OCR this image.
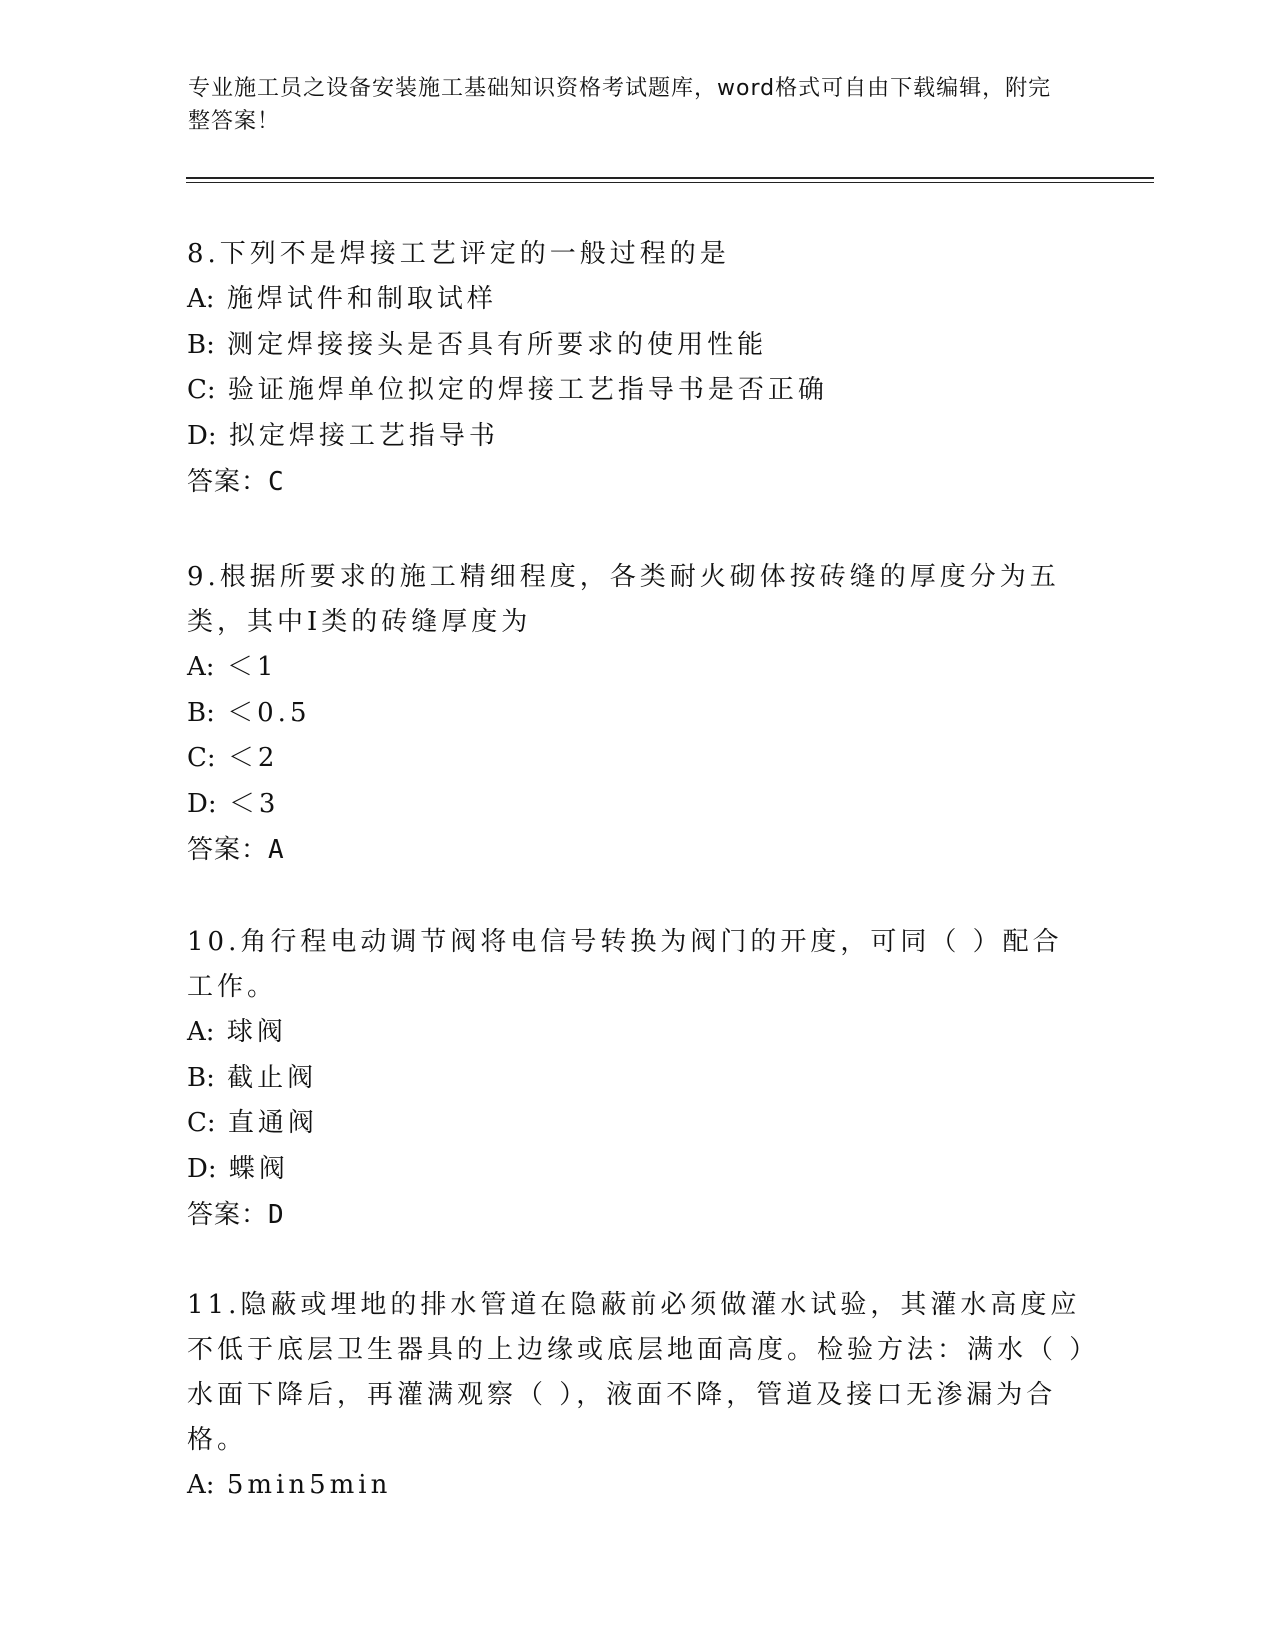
专业施工员之设备安装施工基础知识资格考试题库，word格式可自由下载编辑，附完整答案！

8.下列不是焊接工艺评定的一般过程的是

A: 施焊试件和制取试样

B: 测定焊接接头是否具有所要求的使用性能

C: 验证施焊单位拟定的焊接工艺指导书是否正确

D: 拟定焊接工艺指导书

答案：C

9.根据所要求的施工精细程度，各类耐火砌体按砖缝的厚度分为五类，其中Ⅰ类的砖缝厚度为

A: ＜1

B: ＜0.5

C: ＜2

D: ＜3

答案：A

10.角行程电动调节阀将电信号转换为阀门的开度，可同（ ）配合工作。

A: 球阀

B: 截止阀

C: 直通阀

D: 蝶阀

答案：D

11.隐蔽或埋地的排水管道在隐蔽前必须做灌水试验，其灌水高度应不低于底层卫生器具的上边缘或底层地面高度。检验方法：满水（ ）水面下降后，再灌满观察（ ），液面不降，管道及接口无渗漏为合格。

A: 5min5min
